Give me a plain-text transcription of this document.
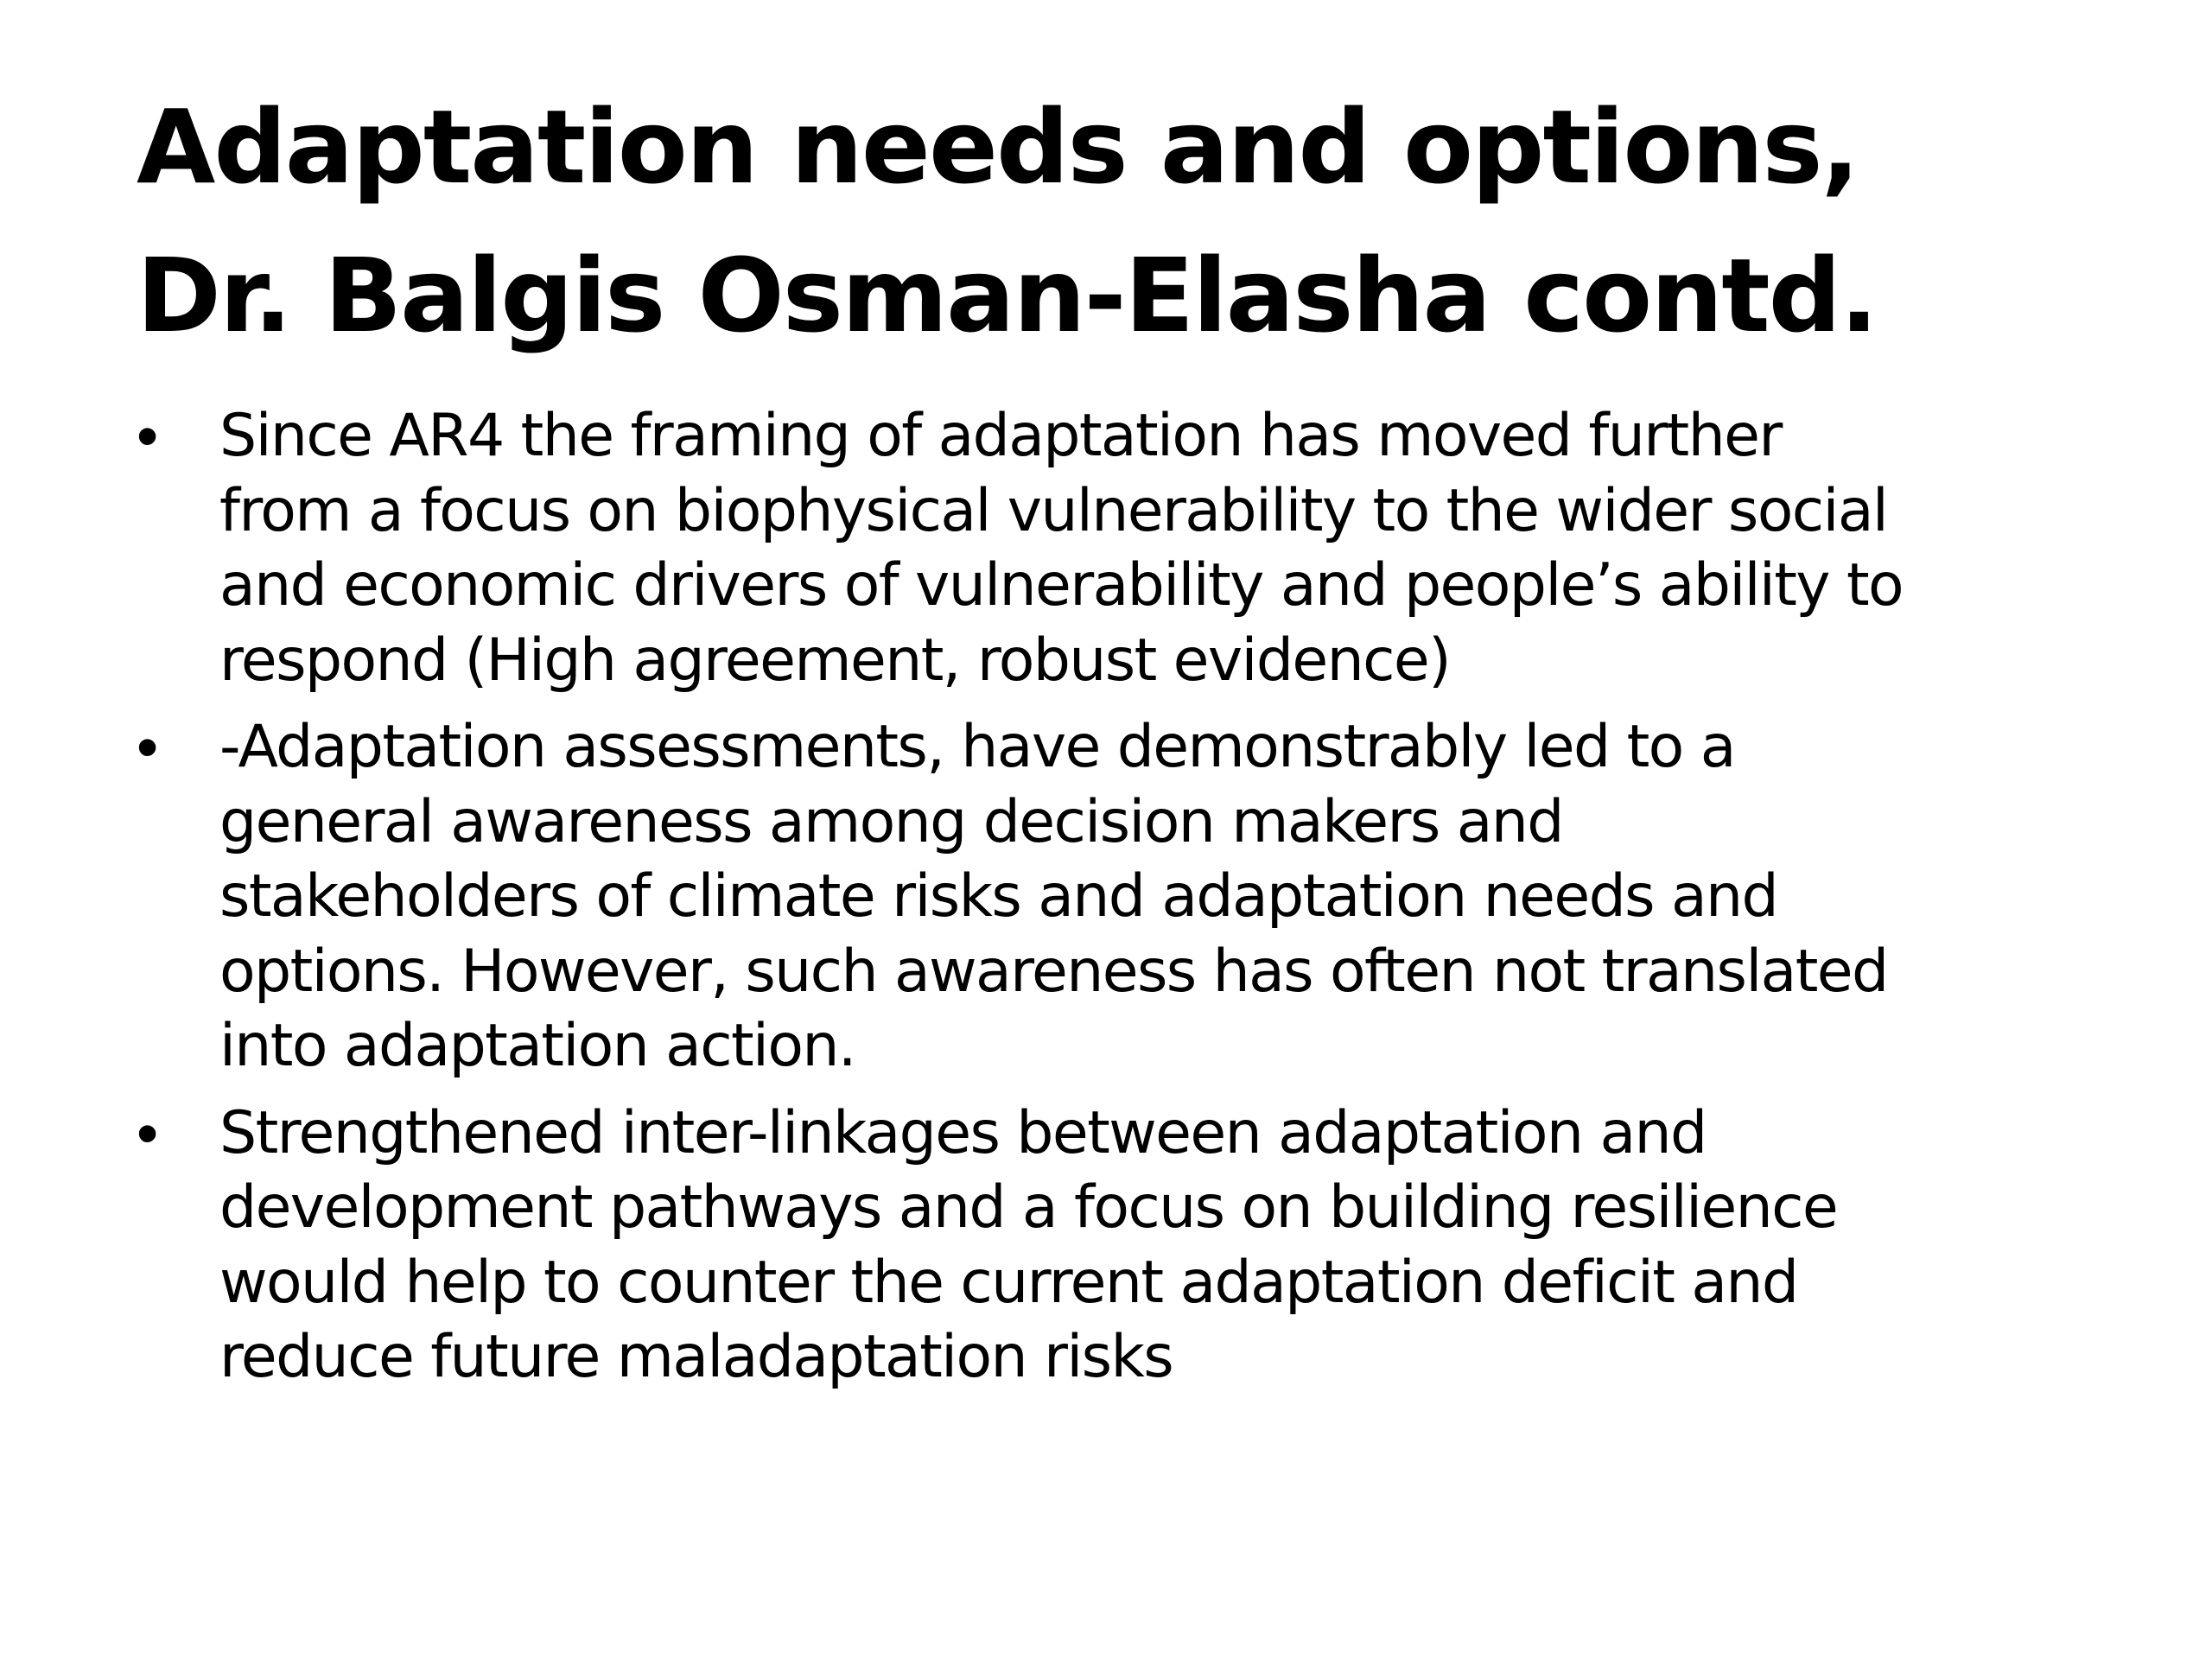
Adaptation needs and options,
Dr. Balgis Osman-Elasha contd.
• Since AR4 the framing of adaptation has moved further
from a focus on biophysical vulnerability to the wider social
and economic drivers of vulnerability and people’s ability to
respond (High agreement, robust evidence)
• -Adaptation assessments, have demonstrably led to a
general awareness among decision makers and
stakeholders of climate risks and adaptation needs and
options. However, such awareness has often not translated
into adaptation action.
• Strengthened inter-linkages between adaptation and
development pathways and a focus on building resilience
would help to counter the current adaptation deficit and
reduce future maladaptation risks
